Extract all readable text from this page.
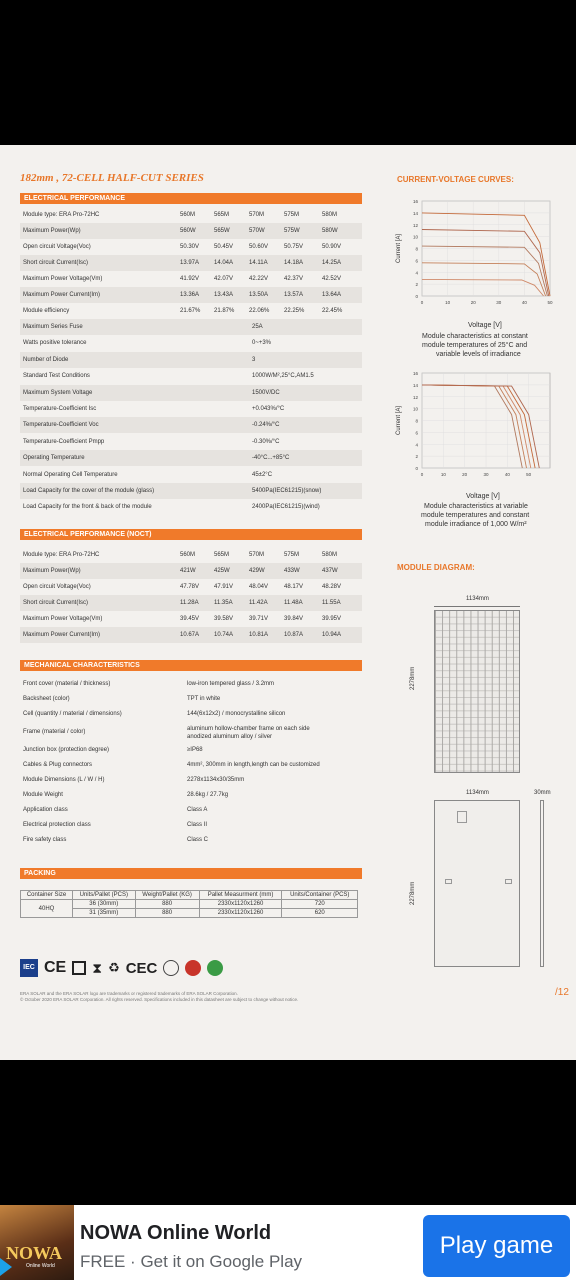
182mm , 72-CELL HALF-CUT SERIES
ELECTRICAL PERFORMANCE
Module type: ERA Pro-72HC	560M	565M	570M	575M	580M
Maximum Power(Wp)	560W	565W	570W	575W	580W
Open circuit Voltage(Voc)	50.30V 50.45V	50.60V	50.75V	50.90V
Short circuit Current(Isc)	13.97A 14.04A	14.11A	14.18A	14.25A
Maximum Power Voltage(Vm)	41.92V 42.07V	42.22V	42.37V	42.52V
Maximum Power Current(Im)	13.36A 13.43A	13.50A	13.57A	13.64A
Module efficiency	21.67% 21.87% 22.06% 22.25%	22.45%
Maximum Series Fuse	25A
Watts positive tolerance	0~+3%
Number of Diode	3
Standard Test Conditions	1000W/M²,25°C,AM1.5
Maximum System Voltage	1500V/DC
Temperature-Coefficient Isc	+0.043%/°C
Temperature-Coefficient Voc	-0.24%/°C
Temperature-Coefficient Pmpp	-0.30%/°C
Operating Temperature	-40°C...+85°C
Normal Operating Cell Temperature	45±2°C
Load Capacity for the cover of the module (glass)	5400Pa(IEC61215)(snow)
Load Capacity for the front & back of the module	2400Pa(IEC61215)(wind)
ELECTRICAL PERFORMANCE (NOCT)
Module type: ERA Pro-72HC	560M	565M	570M	575M	580M
Maximum Power(Wp)	421W	425W	429W	433W	437W
Open circuit Voltage(Voc)	47.78V 47.91V	48.04V	48.17V	48.28V
Short circuit Current(Isc)	11.28A	11.35A	11.42A	11.48A	11.55A
Maximum Power Voltage(Vm)	39.45V 39.58V	39.71V	39.84V	39.95V
Maximum Power Current(Im)	10.67A 10.74A	10.81A	10.87A	10.94A
MECHANICAL CHARACTERISTICS
Front cover (material / thickness)	low-iron tempered glass / 3.2mm
Backsheet (color)	TPT in white
Cell (quantity / material / dimensions)	144(6x12x2) / monocrystalline silicon
Frame (material / color)	aluminum hollow-chamber frame on each side
anodized aluminum alloy / silver
Junction box (protection degree)	≥IP68
Cables & Plug connectors	4mm², 300mm in length,length can be customized
Module Dimensions (L / W / H)	2278x1134x30/35mm
Module Weight	28.6kg / 27.7kg
Application class	Class A
Electrical protection class	Class II
Fire safety class	Class C
PACKING
CURRENT-VOLTAGE CURVES:
0
2
4
6
8
10
12
14
16
0	10	20	30	40	50
Current [A]
Voltage [V]
Module characteristics at constant
module temperatures of 25°C and
variable levels of irradiance
0
2
4
6
8
10
12
14
16
0	10	20	30	40	50
Current [A]
Voltage [V]
Module characteristics at variable
module temperatures and constant
module irradiance of 1,000 W/m²
MODULE DIAGRAM:
1134mm
2278mm
1134mm	30mm
2278mm
Container Size	Units/Pallet (PCS)	Weight/Pallet (KG)	Pallet Measurment (mm)	Units/Container (PCS)
40HQ	36 (30mm)	880	2330x1120x1260	720
	31 (35mm)	880	2330x1120x1260	620
IEC CE ⧗ ♻ CEC
ERA SOLAR and the ERA SOLAR logo are trademarks or registered trademarks of ERA SOLAR Corporation.
© October 2020 ERA SOLAR Corporation. All rights reserved. Specifications included in this datasheet are subject to change without notice.
/12
NOWA
Online World
NOWA Online World
FREE · Get it on Google Play
Play game
